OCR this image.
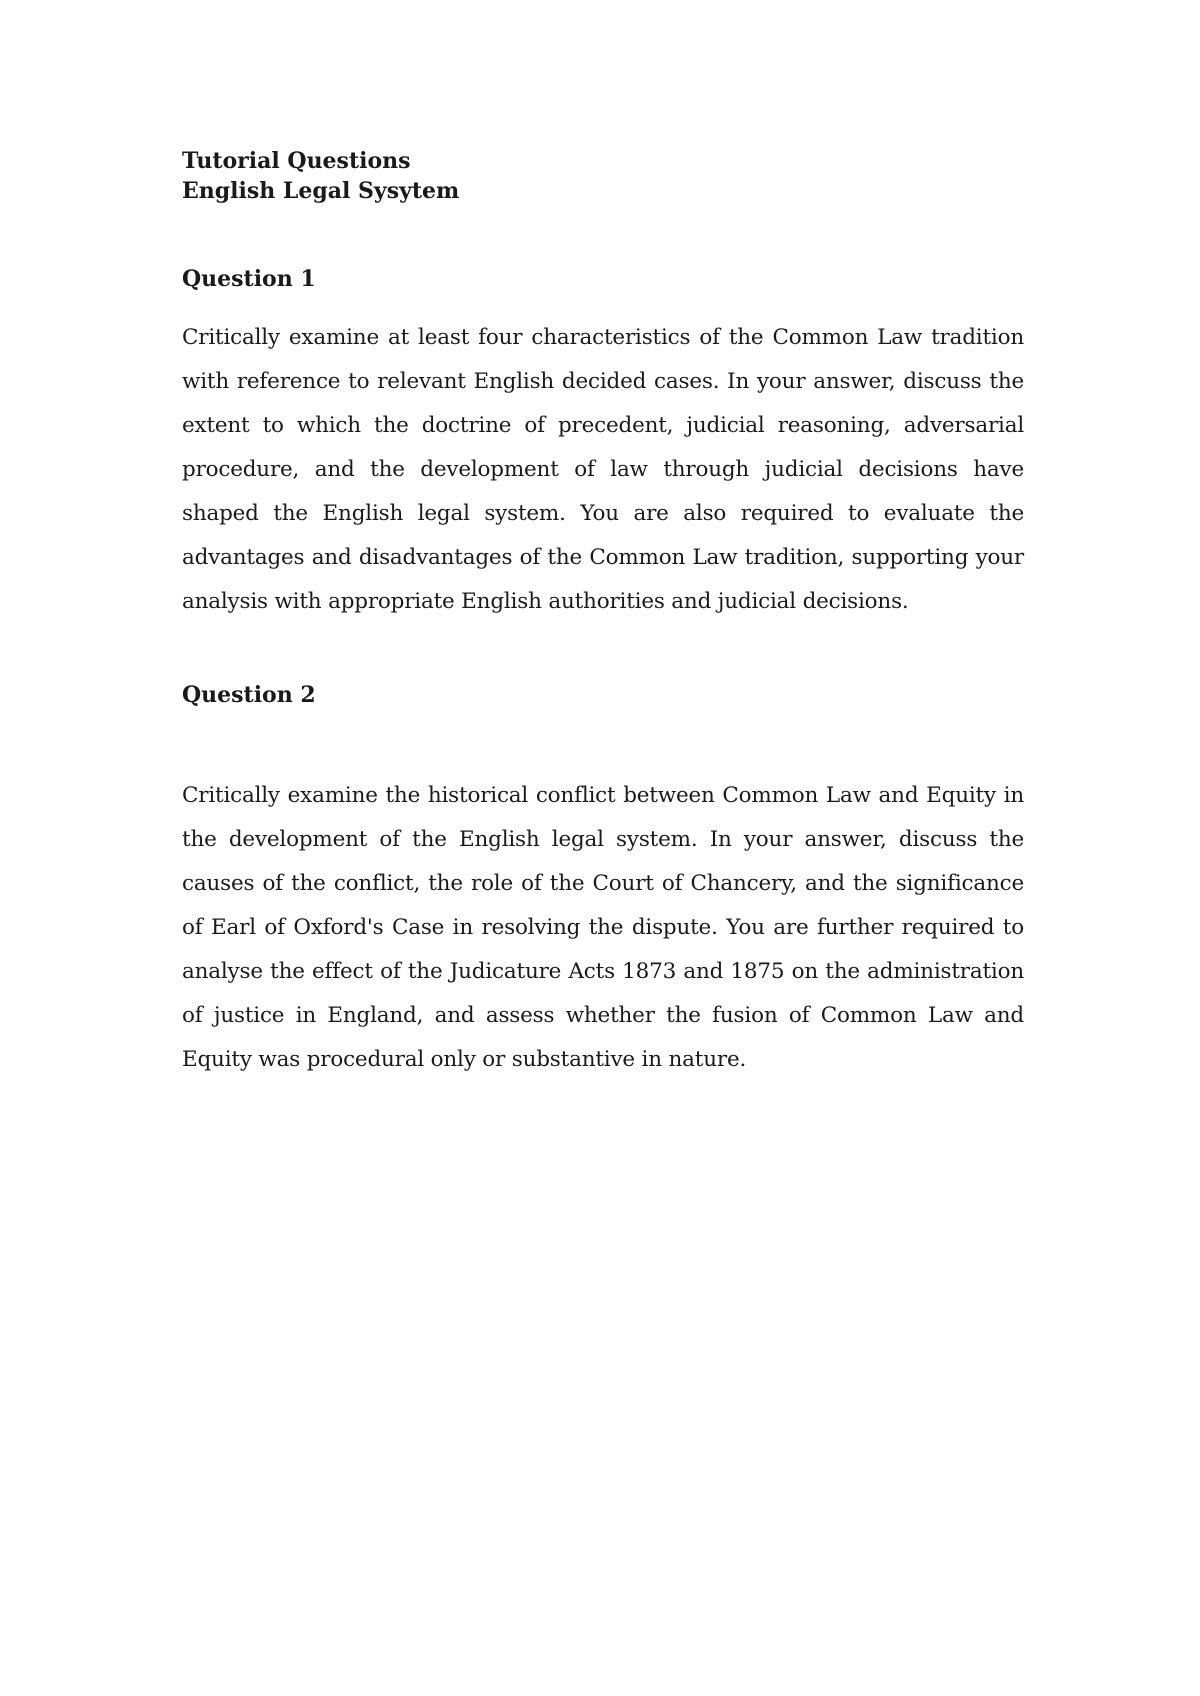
Tutorial Questions

English Legal Sysytem

Question 1

Critically examine at least four characteristics of the Common Law tradition with reference to relevant English decided cases. In your answer, discuss the extent to which the doctrine of precedent, judicial reasoning, adversarial procedure, and the development of law through judicial decisions have shaped the English legal system. You are also required to evaluate the advantages and disadvantages of the Common Law tradition, supporting your analysis with appropriate English authorities and judicial decisions.

Question 2

Critically examine the historical conflict between Common Law and Equity in the development of the English legal system. In your answer, discuss the causes of the conflict, the role of the Court of Chancery, and the significance of Earl of Oxford's Case in resolving the dispute. You are further required to analyse the effect of the Judicature Acts 1873 and 1875 on the administration of justice in England, and assess whether the fusion of Common Law and Equity was procedural only or substantive in nature.
